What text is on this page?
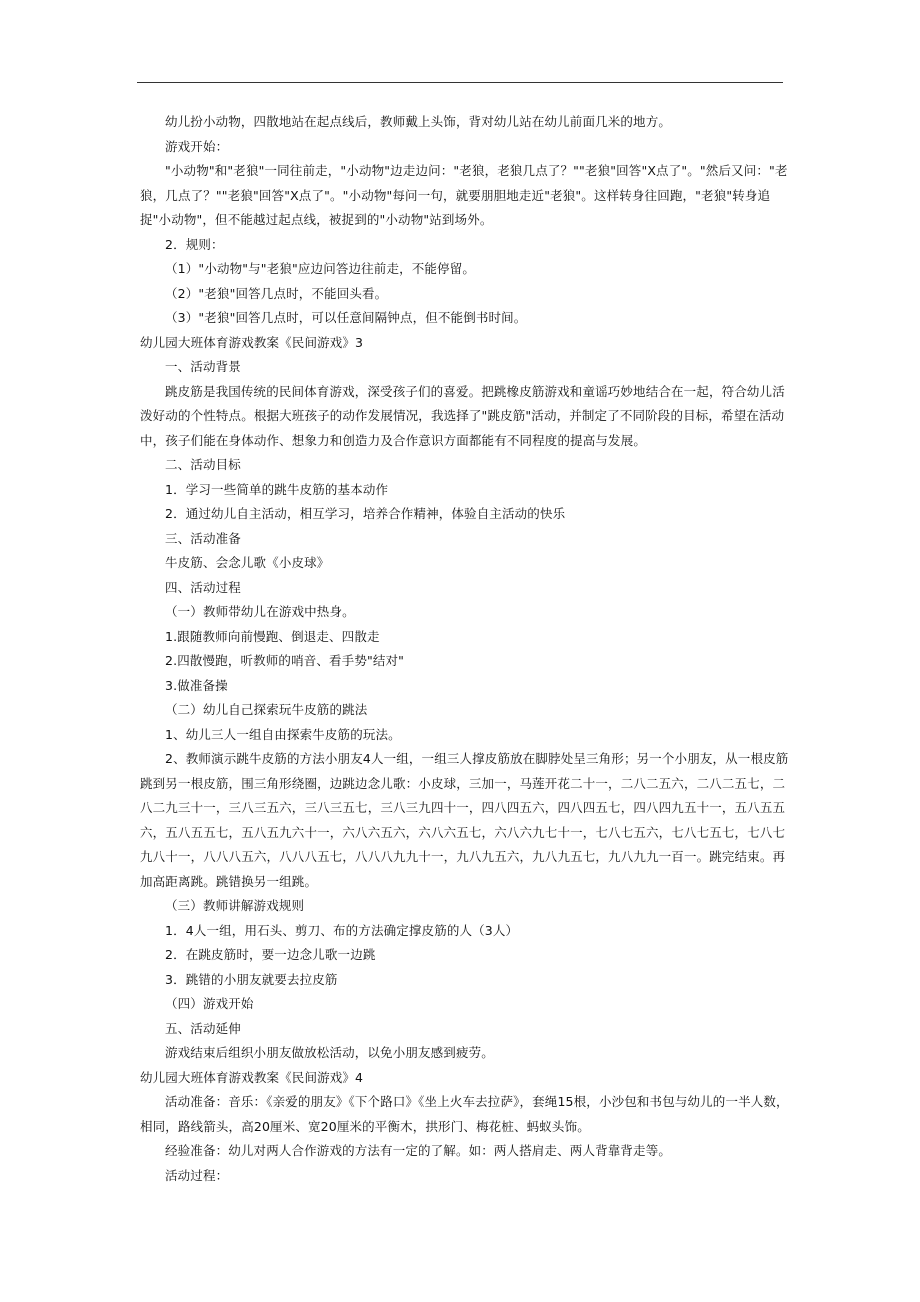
幼儿扮小动物，四散地站在起点线后，教师戴上头饰，背对幼儿站在幼儿前面几米的地方。

游戏开始：

"小动物"和"老狼"一同往前走，"小动物"边走边问："老狼，老狼几点了？""老狼"回答"X点了"。"然后又问："老狼，几点了？""老狼"回答"X点了"。"小动物"每问一句，就要朋胆地走近"老狼"。这样转身往回跑，"老狼"转身追捉"小动物"，但不能越过起点线，被捉到的"小动物"站到场外。

2．规则：

（1）"小动物"与"老狼"应边问答边往前走，不能停留。

（2）"老狼"回答几点时，不能回头看。

（3）"老狼"回答几点时，可以任意间隔钟点，但不能倒书时间。

幼儿园大班体育游戏教案《民间游戏》3

一、活动背景

跳皮筋是我国传统的民间体育游戏，深受孩子们的喜爱。把跳橡皮筋游戏和童谣巧妙地结合在一起，符合幼儿活泼好动的个性特点。根据大班孩子的动作发展情况，我选择了"跳皮筋"活动，并制定了不同阶段的目标，希望在活动中，孩子们能在身体动作、想象力和创造力及合作意识方面都能有不同程度的提高与发展。

二、活动目标

1．学习一些简单的跳牛皮筋的基本动作

2．通过幼儿自主活动，相互学习，培养合作精神，体验自主活动的快乐

三、活动准备

牛皮筋、会念儿歌《小皮球》

四、活动过程

（一）教师带幼儿在游戏中热身。

1.跟随教师向前慢跑、倒退走、四散走

2.四散慢跑，听教师的哨音、看手势"结对"

3.做准备操

（二）幼儿自己探索玩牛皮筋的跳法

1、幼儿三人一组自由探索牛皮筋的玩法。

2、教师演示跳牛皮筋的方法小朋友4人一组，一组三人撑皮筋放在脚脖处呈三角形；另一个小朋友，从一根皮筋跳到另一根皮筋，围三角形绕圈，边跳边念儿歌：小皮球，三加一，马莲开花二十一，二八二五六，二八二五七，二八二九三十一，三八三五六，三八三五七，三八三九四十一，四八四五六，四八四五七，四八四九五十一，五八五五六，五八五五七，五八五九六十一，六八六五六，六八六五七，六八六九七十一，七八七五六，七八七五七，七八七九八十一，八八八五六，八八八五七，八八八九九十一，九八九五六，九八九五七，九八九九一百一。跳完结束。再加高距离跳。跳错换另一组跳。

（三）教师讲解游戏规则

1．4人一组，用石头、剪刀、布的方法确定撑皮筋的人（3人）

2．在跳皮筋时，要一边念儿歌一边跳

3．跳错的小朋友就要去拉皮筋

（四）游戏开始

五、活动延伸

游戏结束后组织小朋友做放松活动，以免小朋友感到疲劳。

幼儿园大班体育游戏教案《民间游戏》4

活动准备：音乐：《亲爱的朋友》《下个路口》《坐上火车去拉萨》，套绳15根，小沙包和书包与幼儿的一半人数，相同，路线箭头，高20厘米、宽20厘米的平衡木，拱形门、梅花桩、蚂蚁头饰。

经验准备：幼儿对两人合作游戏的方法有一定的了解。如：两人搭肩走、两人背靠背走等。

活动过程：
